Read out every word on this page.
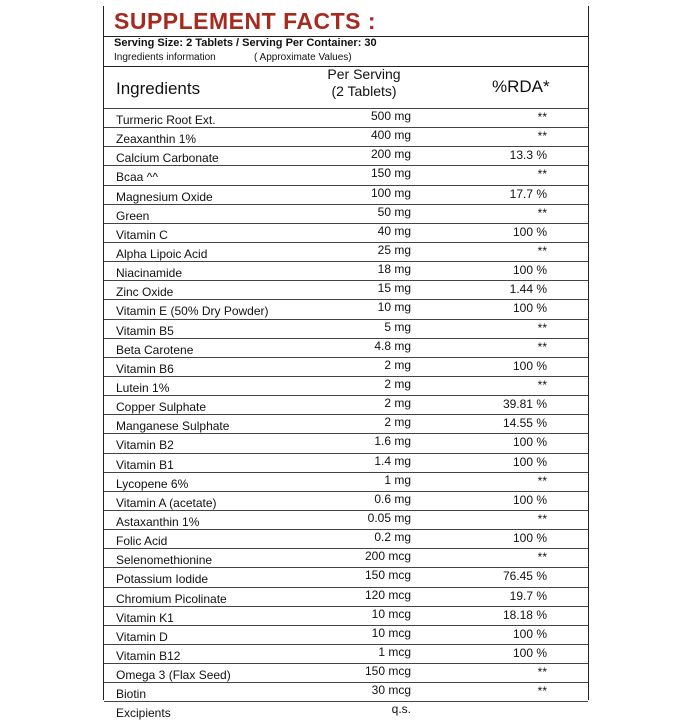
SUPPLEMENT FACTS :
Serving Size: 2 Tablets / Serving Per Container: 30
Ingredients information	( Approximate Values)
Ingredients
Per Serving
(2 Tablets)	%RDA*
Turmeric Root Ext.	500 mg	**
Zeaxanthin 1%	400 mg	**
Calcium Carbonate	200 mg	13.3 %
Bcaa ^^	150 mg	**
Magnesium Oxide	100 mg	17.7 %
Green	50 mg	**
Vitamin C	40 mg	100 %
Alpha Lipoic Acid	25 mg	**
Niacinamide	18 mg	100 %
Zinc Oxide	15 mg	1.44 %
Vitamin E (50% Dry Powder)	10 mg	100 %
Vitamin B5	5 mg	**
Beta Carotene	4.8 mg	**
Vitamin B6	2 mg	100 %
Lutein 1%	2 mg	**
Copper Sulphate	2 mg	39.81 %
Manganese Sulphate	2 mg	14.55 %
Vitamin B2	1.6 mg	100 %
Vitamin B1	1.4 mg	100 %
Lycopene 6%	1 mg	**
Vitamin A (acetate)	0.6 mg	100 %
Astaxanthin 1%	0.05 mg	**
Folic Acid	0.2 mg	100 %
Selenomethionine	200 mcg	**
Potassium Iodide	150 mcg	76.45 %
Chromium Picolinate	120 mcg	19.7 %
Vitamin K1	10 mcg	18.18 %
Vitamin D	10 mcg	100 %
Vitamin B12	1 mcg	100 %
Omega 3 (Flax Seed)	150 mcg	**
Biotin	30 mcg	**
Excipients	q.s.
